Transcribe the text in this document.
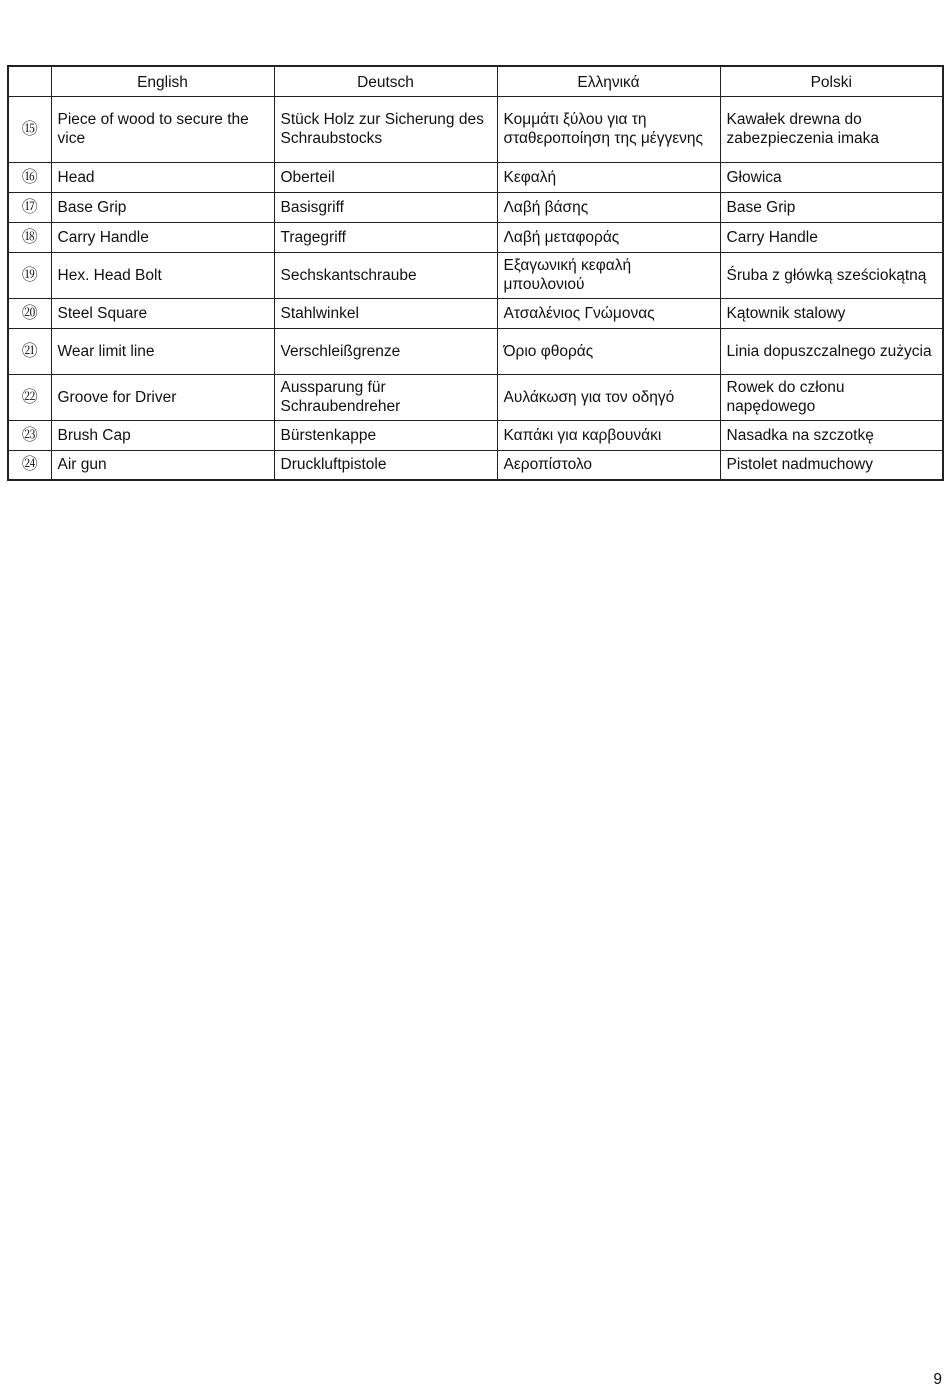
	English	Deutsch	Ελληνικά	Polski
⑮	Piece of wood to secure the vice	Stück Holz zur Sicherung des Schraubstocks	Κομμάτι ξύλου για τη σταθεροποίηση της μέγγενης	Kawałek drewna do zabezpieczenia imaka
⑯	Head	Oberteil	Κεφαλή	Głowica
⑰	Base Grip	Basisgriff	Λαβή βάσης	Base Grip
⑱	Carry Handle	Tragegriff	Λαβή μεταφοράς	Carry Handle
⑲	Hex. Head Bolt	Sechskantschraube	Εξαγωνική κεφαλή μπουλονιού	Śruba z główką sześciokątną
⑳	Steel Square	Stahlwinkel	Ατσαλένιος Γνώμονας	Kątownik stalowy
㉑	Wear limit line	Verschleißgrenze	Όριο φθοράς	Linia dopuszczalnego zużycia
㉒	Groove for Driver	Aussparung für Schraubendreher	Αυλάκωση για τον οδηγό	Rowek do członu napędowego
㉓	Brush Cap	Bürstenkappe	Καπάκι για καρβουνάκι	Nasadka na szczotkę
㉔	Air gun	Druckluftpistole	Αεροπίστολο	Pistolet nadmuchowy
9
